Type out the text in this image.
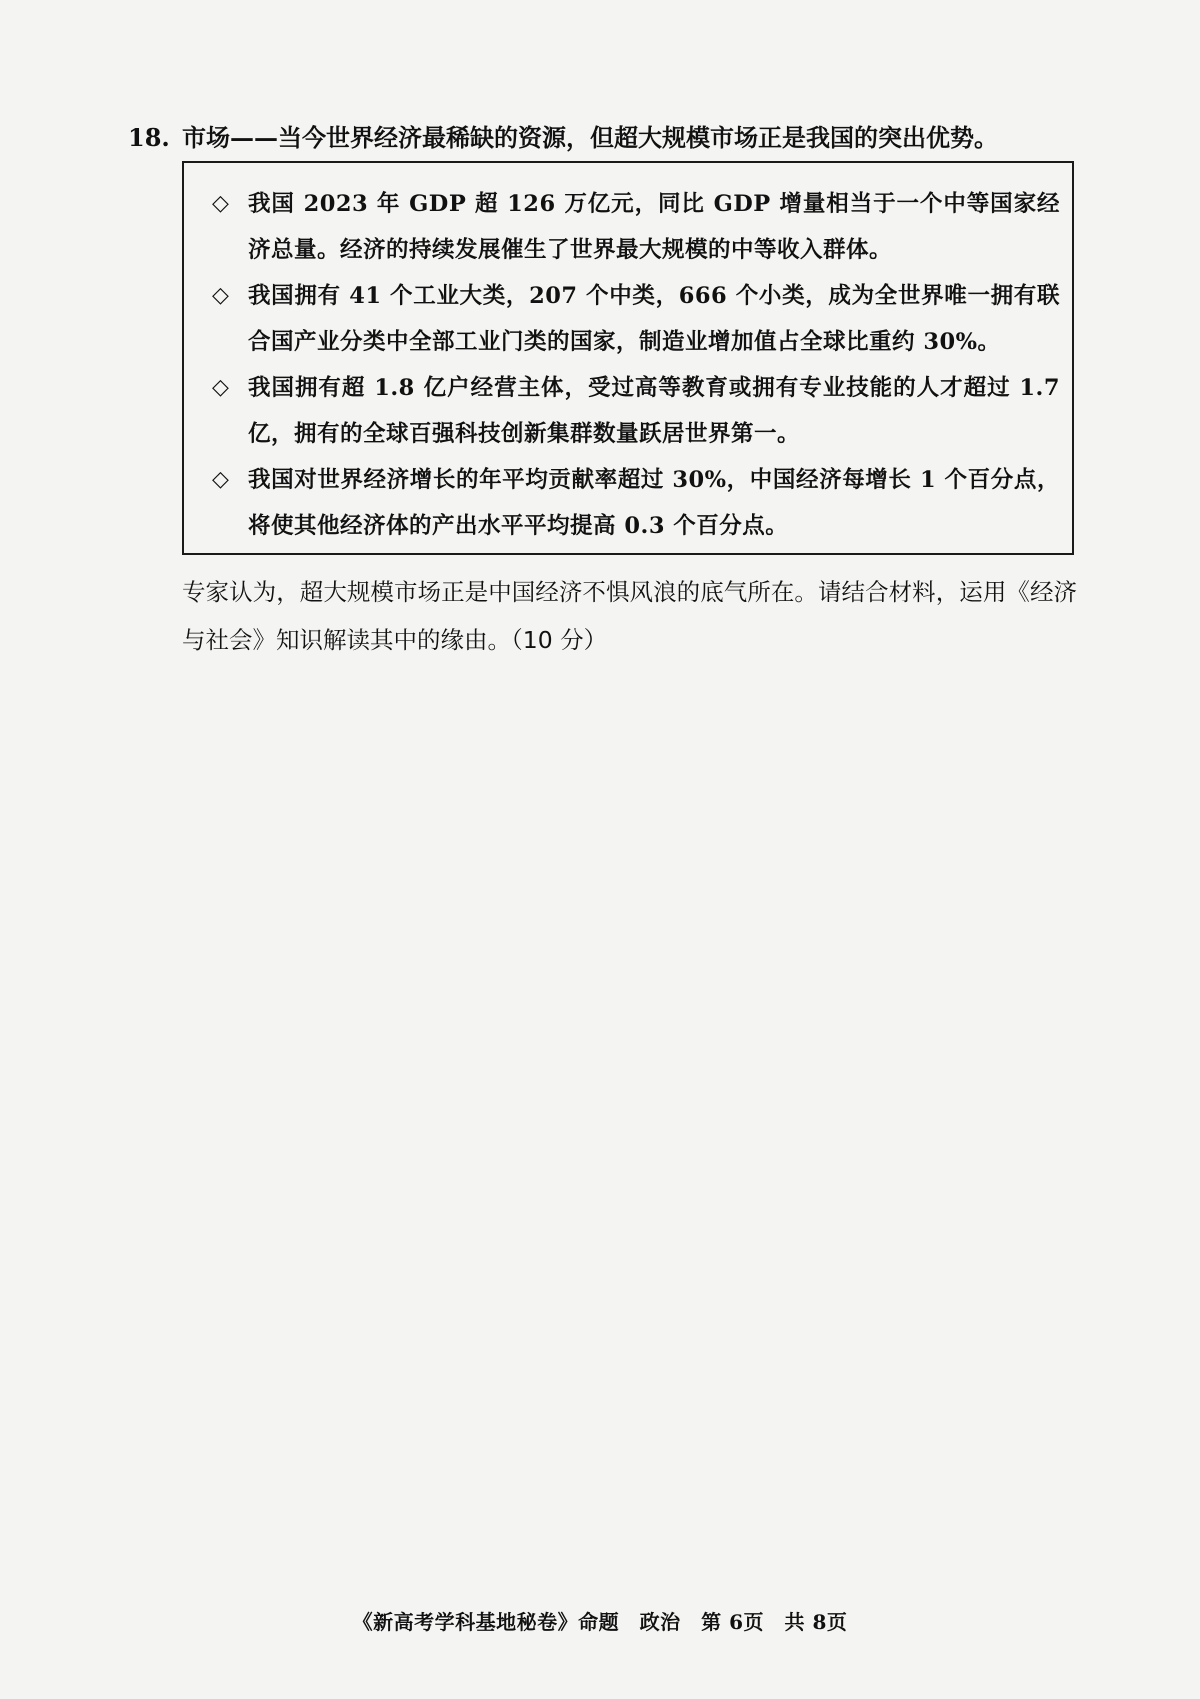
18. 市场——当今世界经济最稀缺的资源，但超大规模市场正是我国的突出优势。
◇ 我国 2023 年 GDP 超 126 万亿元，同比 GDP 增量相当于一个中等国家经济总量。经济的持续发展催生了世界最大规模的中等收入群体。
◇ 我国拥有 41 个工业大类，207 个中类，666 个小类，成为全世界唯一拥有联合国产业分类中全部工业门类的国家，制造业增加值占全球比重约 30%。
◇ 我国拥有超 1.8 亿户经营主体，受过高等教育或拥有专业技能的人才超过 1.7 亿，拥有的全球百强科技创新集群数量跃居世界第一。
◇ 我国对世界经济增长的年平均贡献率超过 30%，中国经济每增长 1 个百分点，将使其他经济体的产出水平平均提高 0.3 个百分点。
专家认为，超大规模市场正是中国经济不惧风浪的底气所在。请结合材料，运用《经济与社会》知识解读其中的缘由。（10 分）
《新高考学科基地秘卷》命题　政治　第 6页　共 8页
